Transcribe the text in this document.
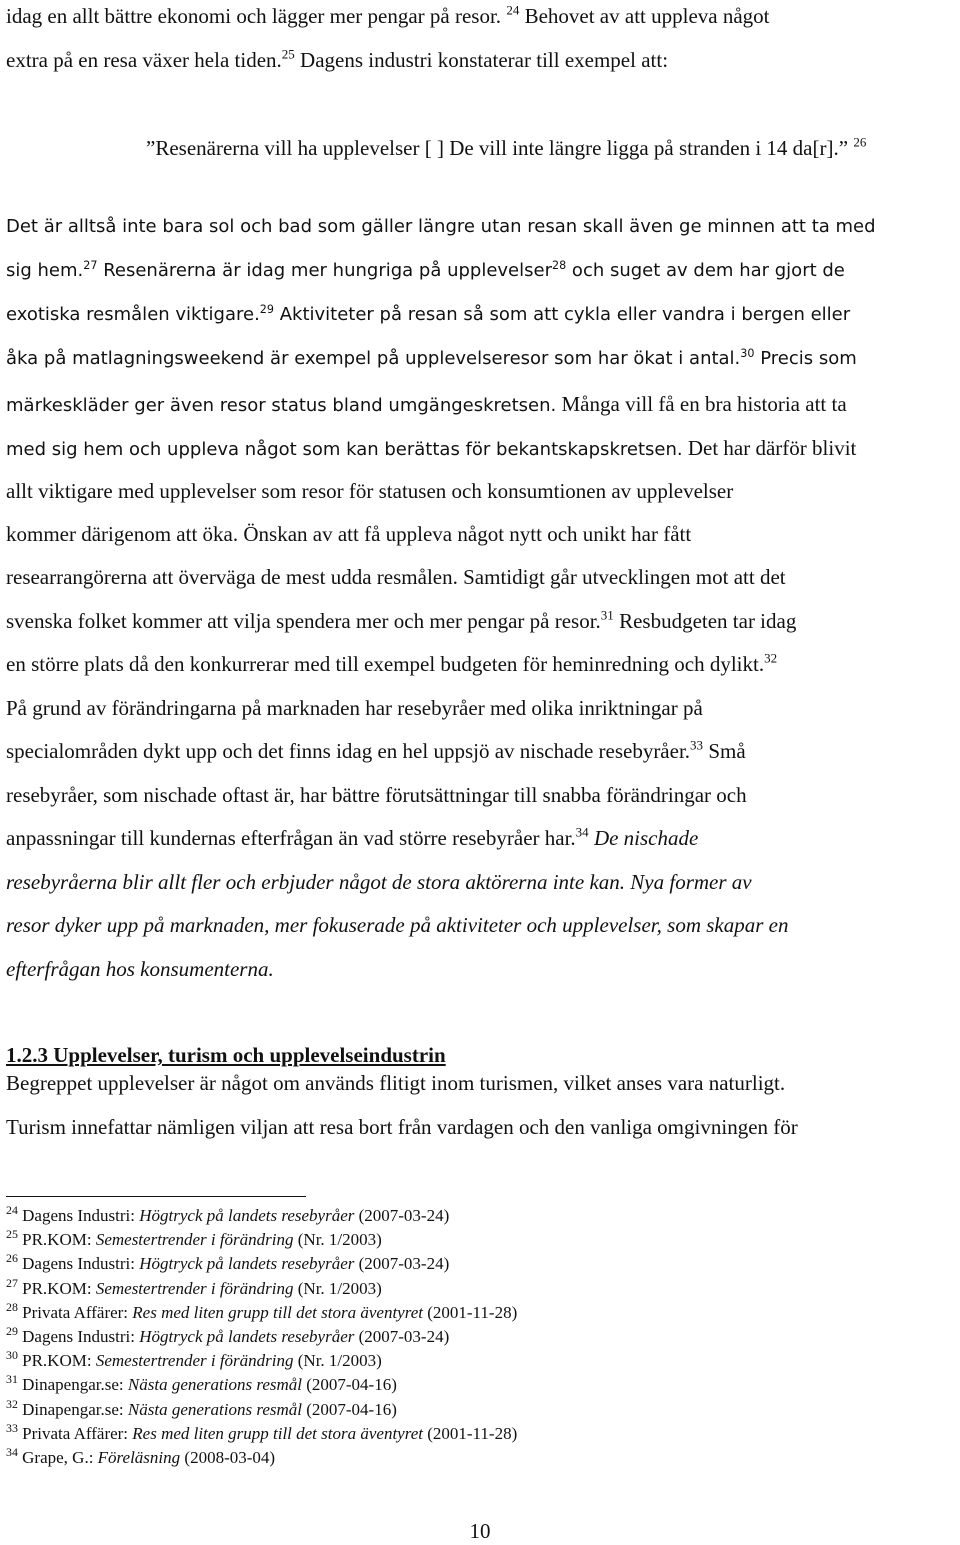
idag en allt bättre ekonomi och lägger mer pengar på resor. $^{24}$ Behovet av att uppleva något
extra på en resa växer hela tiden.$^{25}$ Dagens industri konstaterar till exempel att:
”Resenärerna vill ha upplevelser [ ] De vill inte längre ligga på stranden i 14 da[r].” $^{26}$
Det är alltså inte bara sol och bad som gäller längre utan resan skall även ge minnen att ta med
sig hem.$^{27}$ Resenärerna är idag mer hungriga på upplevelser$^{28}$ och suget av dem har gjort de
exotiska resmålen viktigare.$^{29}$ Aktiviteter på resan så som att cykla eller vandra i bergen eller
åka på matlagningsweekend är exempel på upplevelseresor som har ökat i antal.$^{30}$ Precis som
märkeskläder ger även resor status bland umgängeskretsen. Många vill få en bra historia att ta
med sig hem och uppleva något som kan berättas för bekantskapskretsen. Det har därför blivit
allt viktigare med upplevelser som resor för statusen och konsumtionen av upplevelser
kommer därigenom att öka. Önskan av att få uppleva något nytt och unikt har fått
researrangörerna att överväga de mest udda resmålen. Samtidigt går utvecklingen mot att det
svenska folket kommer att vilja spendera mer och mer pengar på resor.$^{31}$ Resbudgeten tar idag
en större plats då den konkurrerar med till exempel budgeten för heminredning och dylikt.$^{32}$
På grund av förändringarna på marknaden har resebyråer med olika inriktningar på
specialområden dykt upp och det finns idag en hel uppsjö av nischade resebyråer.$^{33}$ Små
resebyråer, som nischade oftast är, har bättre förutsättningar till snabba förändringar och
anpassningar till kundernas efterfrågan än vad större resebyråer har.$^{34}$ De nischade
resebyråerna blir allt fler och erbjuder något de stora aktörerna inte kan. Nya former av
resor dyker upp på marknaden, mer fokuserade på aktiviteter och upplevelser, som skapar en
efterfrågan hos konsumenterna.
1.2.3 Upplevelser, turism och upplevelseindustrin
Begreppet upplevelser är något om används flitigt inom turismen, vilket anses vara naturligt.
Turism innefattar nämligen viljan att resa bort från vardagen och den vanliga omgivningen för
$^{24}$ Dagens Industri: Högtryck på landets resebyråer (2007-03-24)
$^{25}$ PR.KOM: Semestertrender i förändring (Nr. 1/2003)
$^{26}$ Dagens Industri: Högtryck på landets resebyråer (2007-03-24)
$^{27}$ PR.KOM: Semestertrender i förändring (Nr. 1/2003)
$^{28}$ Privata Affärer: Res med liten grupp till det stora äventyret (2001-11-28)
$^{29}$ Dagens Industri: Högtryck på landets resebyråer (2007-03-24)
$^{30}$ PR.KOM: Semestertrender i förändring (Nr. 1/2003)
$^{31}$ Dinapengar.se: Nästa generations resmål (2007-04-16)
$^{32}$ Dinapengar.se: Nästa generations resmål (2007-04-16)
$^{33}$ Privata Affärer: Res med liten grupp till det stora äventyret (2001-11-28)
$^{34}$ Grape, G.: Föreläsning (2008-03-04)
10
